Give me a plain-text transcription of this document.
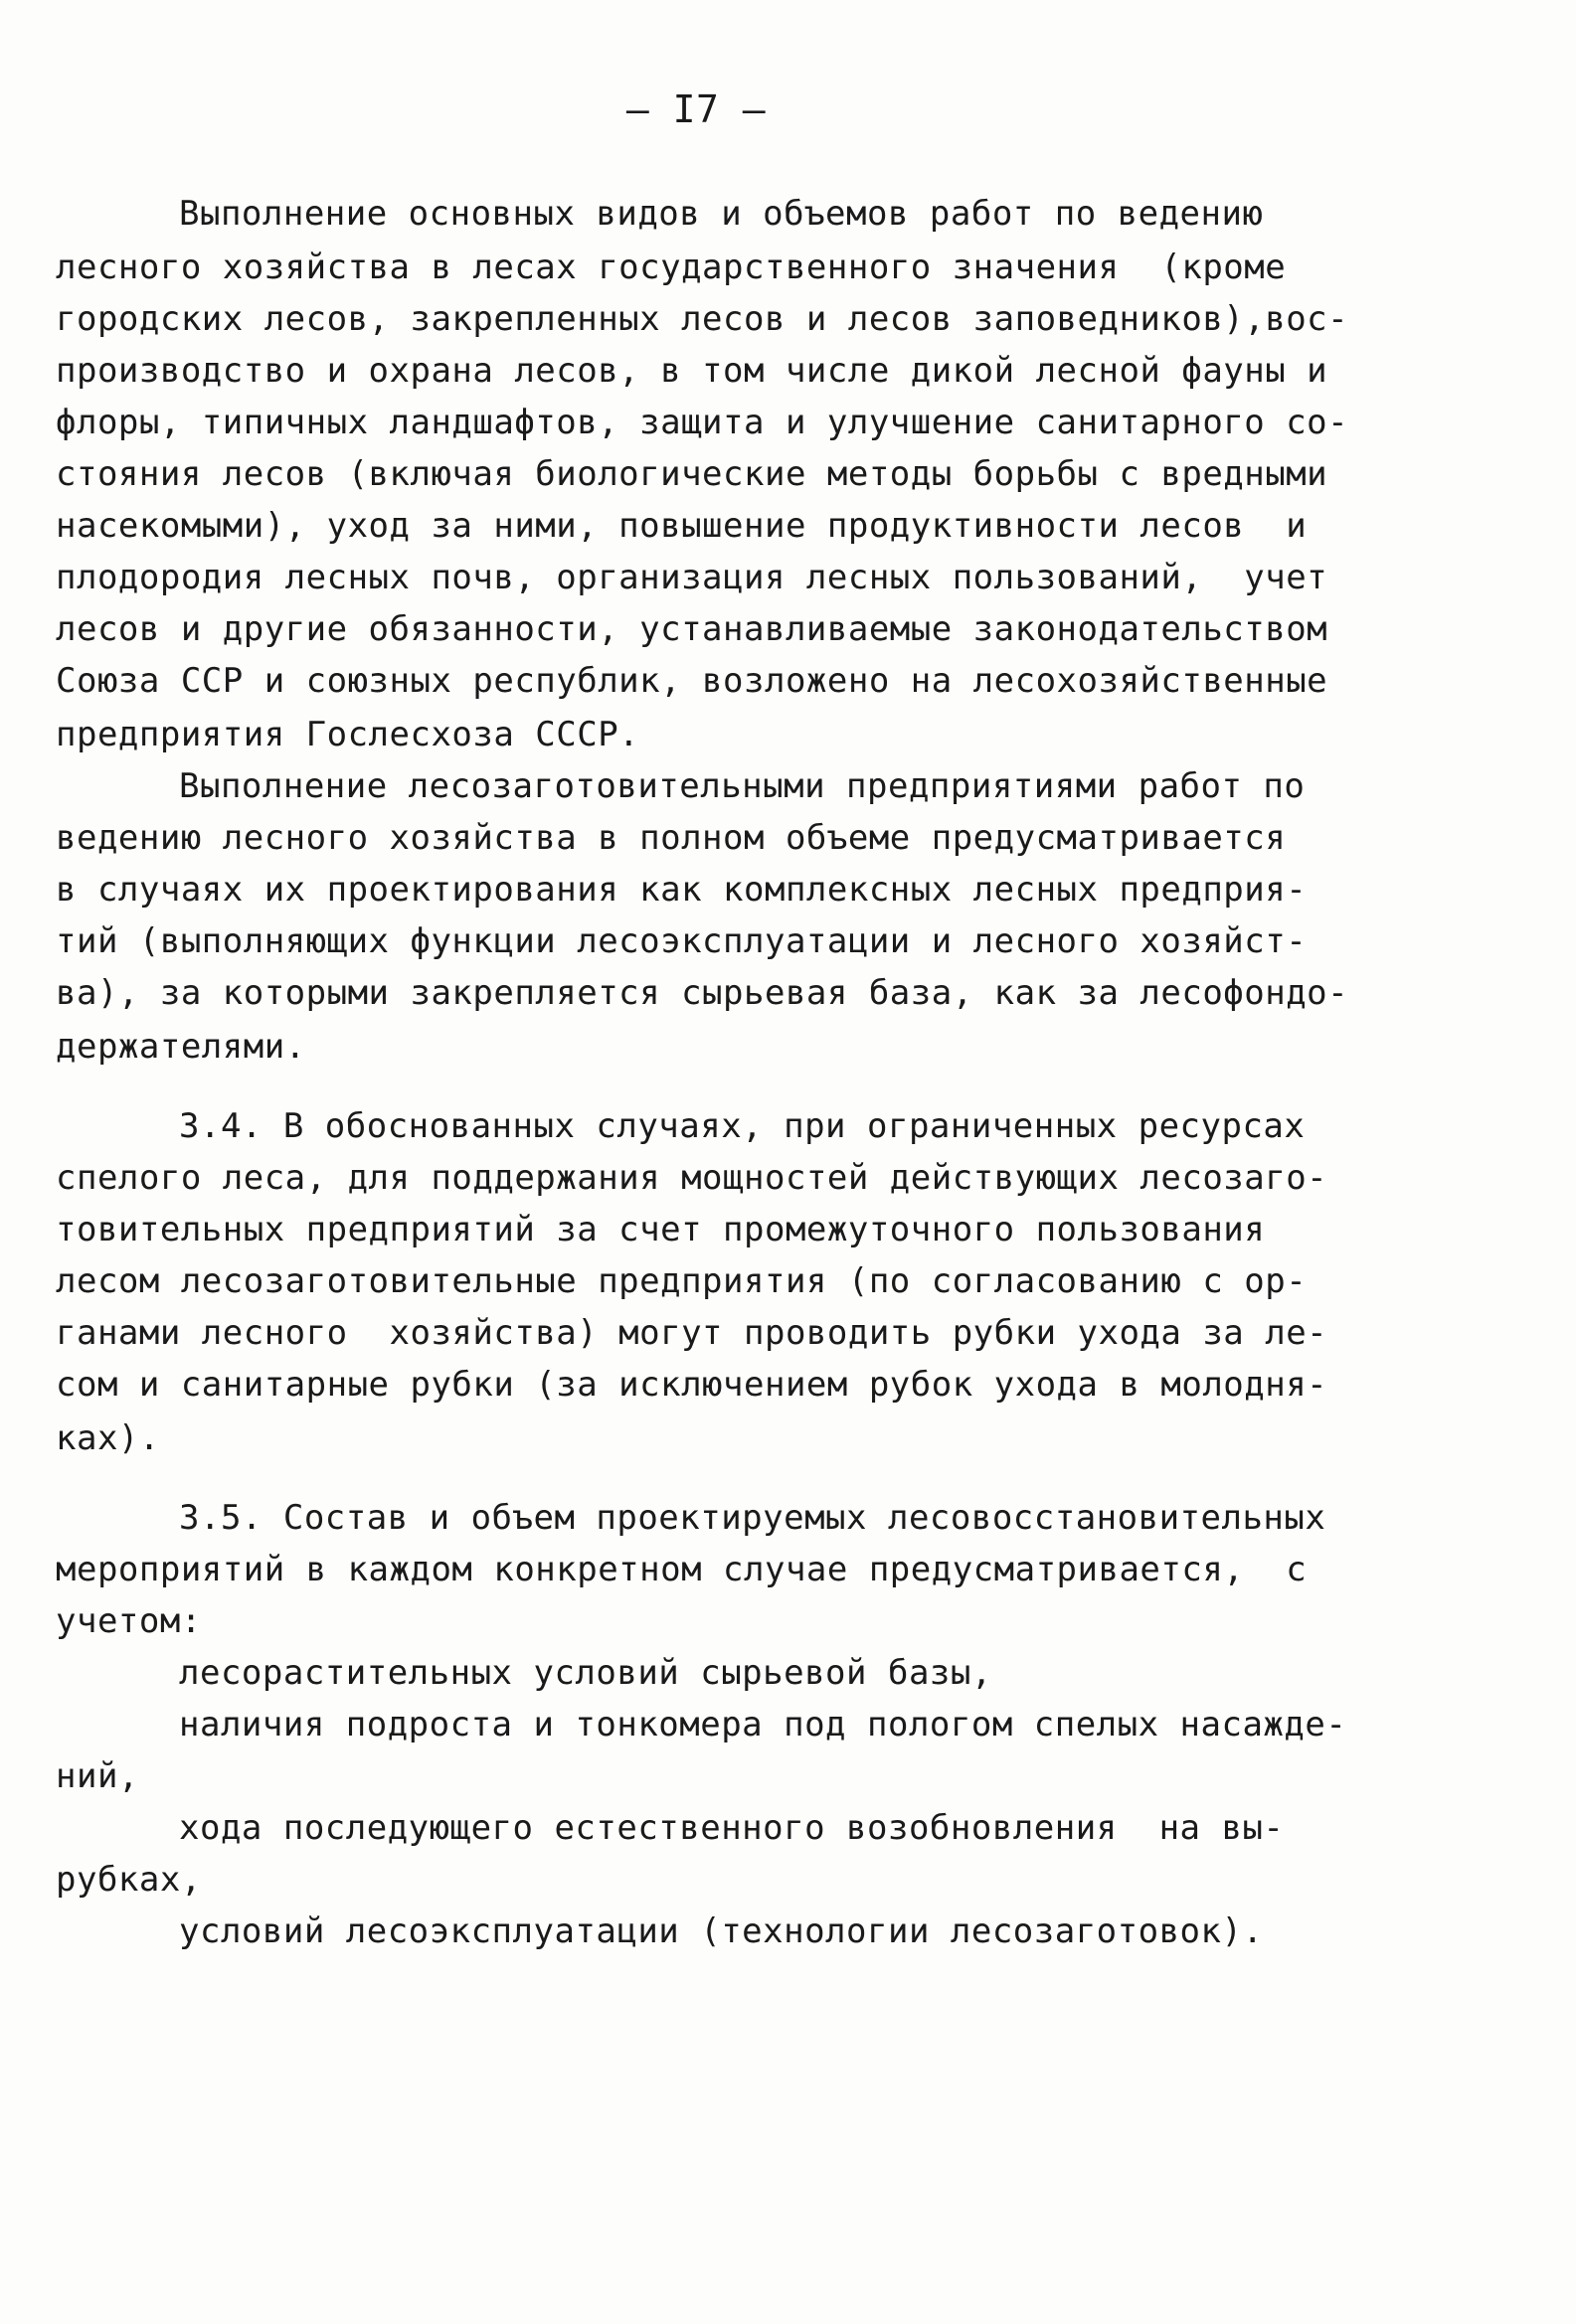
— I7 —
Выполнение основных видов и объемов работ по ведению
лесного хозяйства в лесах государственного значения  (кроме
городских лесов, закрепленных лесов и лесов заповедников),вос-
производство и охрана лесов, в том числе дикой лесной фауны и
флоры, типичных ландшафтов, защита и улучшение санитарного со-
стояния лесов (включая биологические методы борьбы с вредными
насекомыми), уход за ними, повышение продуктивности лесов  и
плодородия лесных почв, организация лесных пользований,  учет
лесов и другие обязанности, устанавливаемые законодательством
Союза ССР и союзных республик, возложено на лесохозяйственные
предприятия Гослесхоза СССР.
Выполнение лесозаготовительными предприятиями работ по
ведению лесного хозяйства в полном объеме предусматривается
в случаях их проектирования как комплексных лесных предприя-
тий (выполняющих функции лесоэксплуатации и лесного хозяйст-
ва), за которыми закрепляется сырьевая база, как за лесофондо-
держателями.
3.4. В обоснованных случаях, при ограниченных ресурсах
спелого леса, для поддержания мощностей действующих лесозаго-
товительных предприятий за счет промежуточного пользования
лесом лесозаготовительные предприятия (по согласованию с ор-
ганами лесного  хозяйства) могут проводить рубки ухода за ле-
сом и санитарные рубки (за исключением рубок ухода в молодня-
ках).
3.5. Состав и объем проектируемых лесовосстановительных
мероприятий в каждом конкретном случае предусматривается,  с
учетом:
лесорастительных условий сырьевой базы,
наличия подроста и тонкомера под пологом спелых насажде-
ний,
хода последующего естественного возобновления  на вы-
рубках,
условий лесоэксплуатации (технологии лесозаготовок).
